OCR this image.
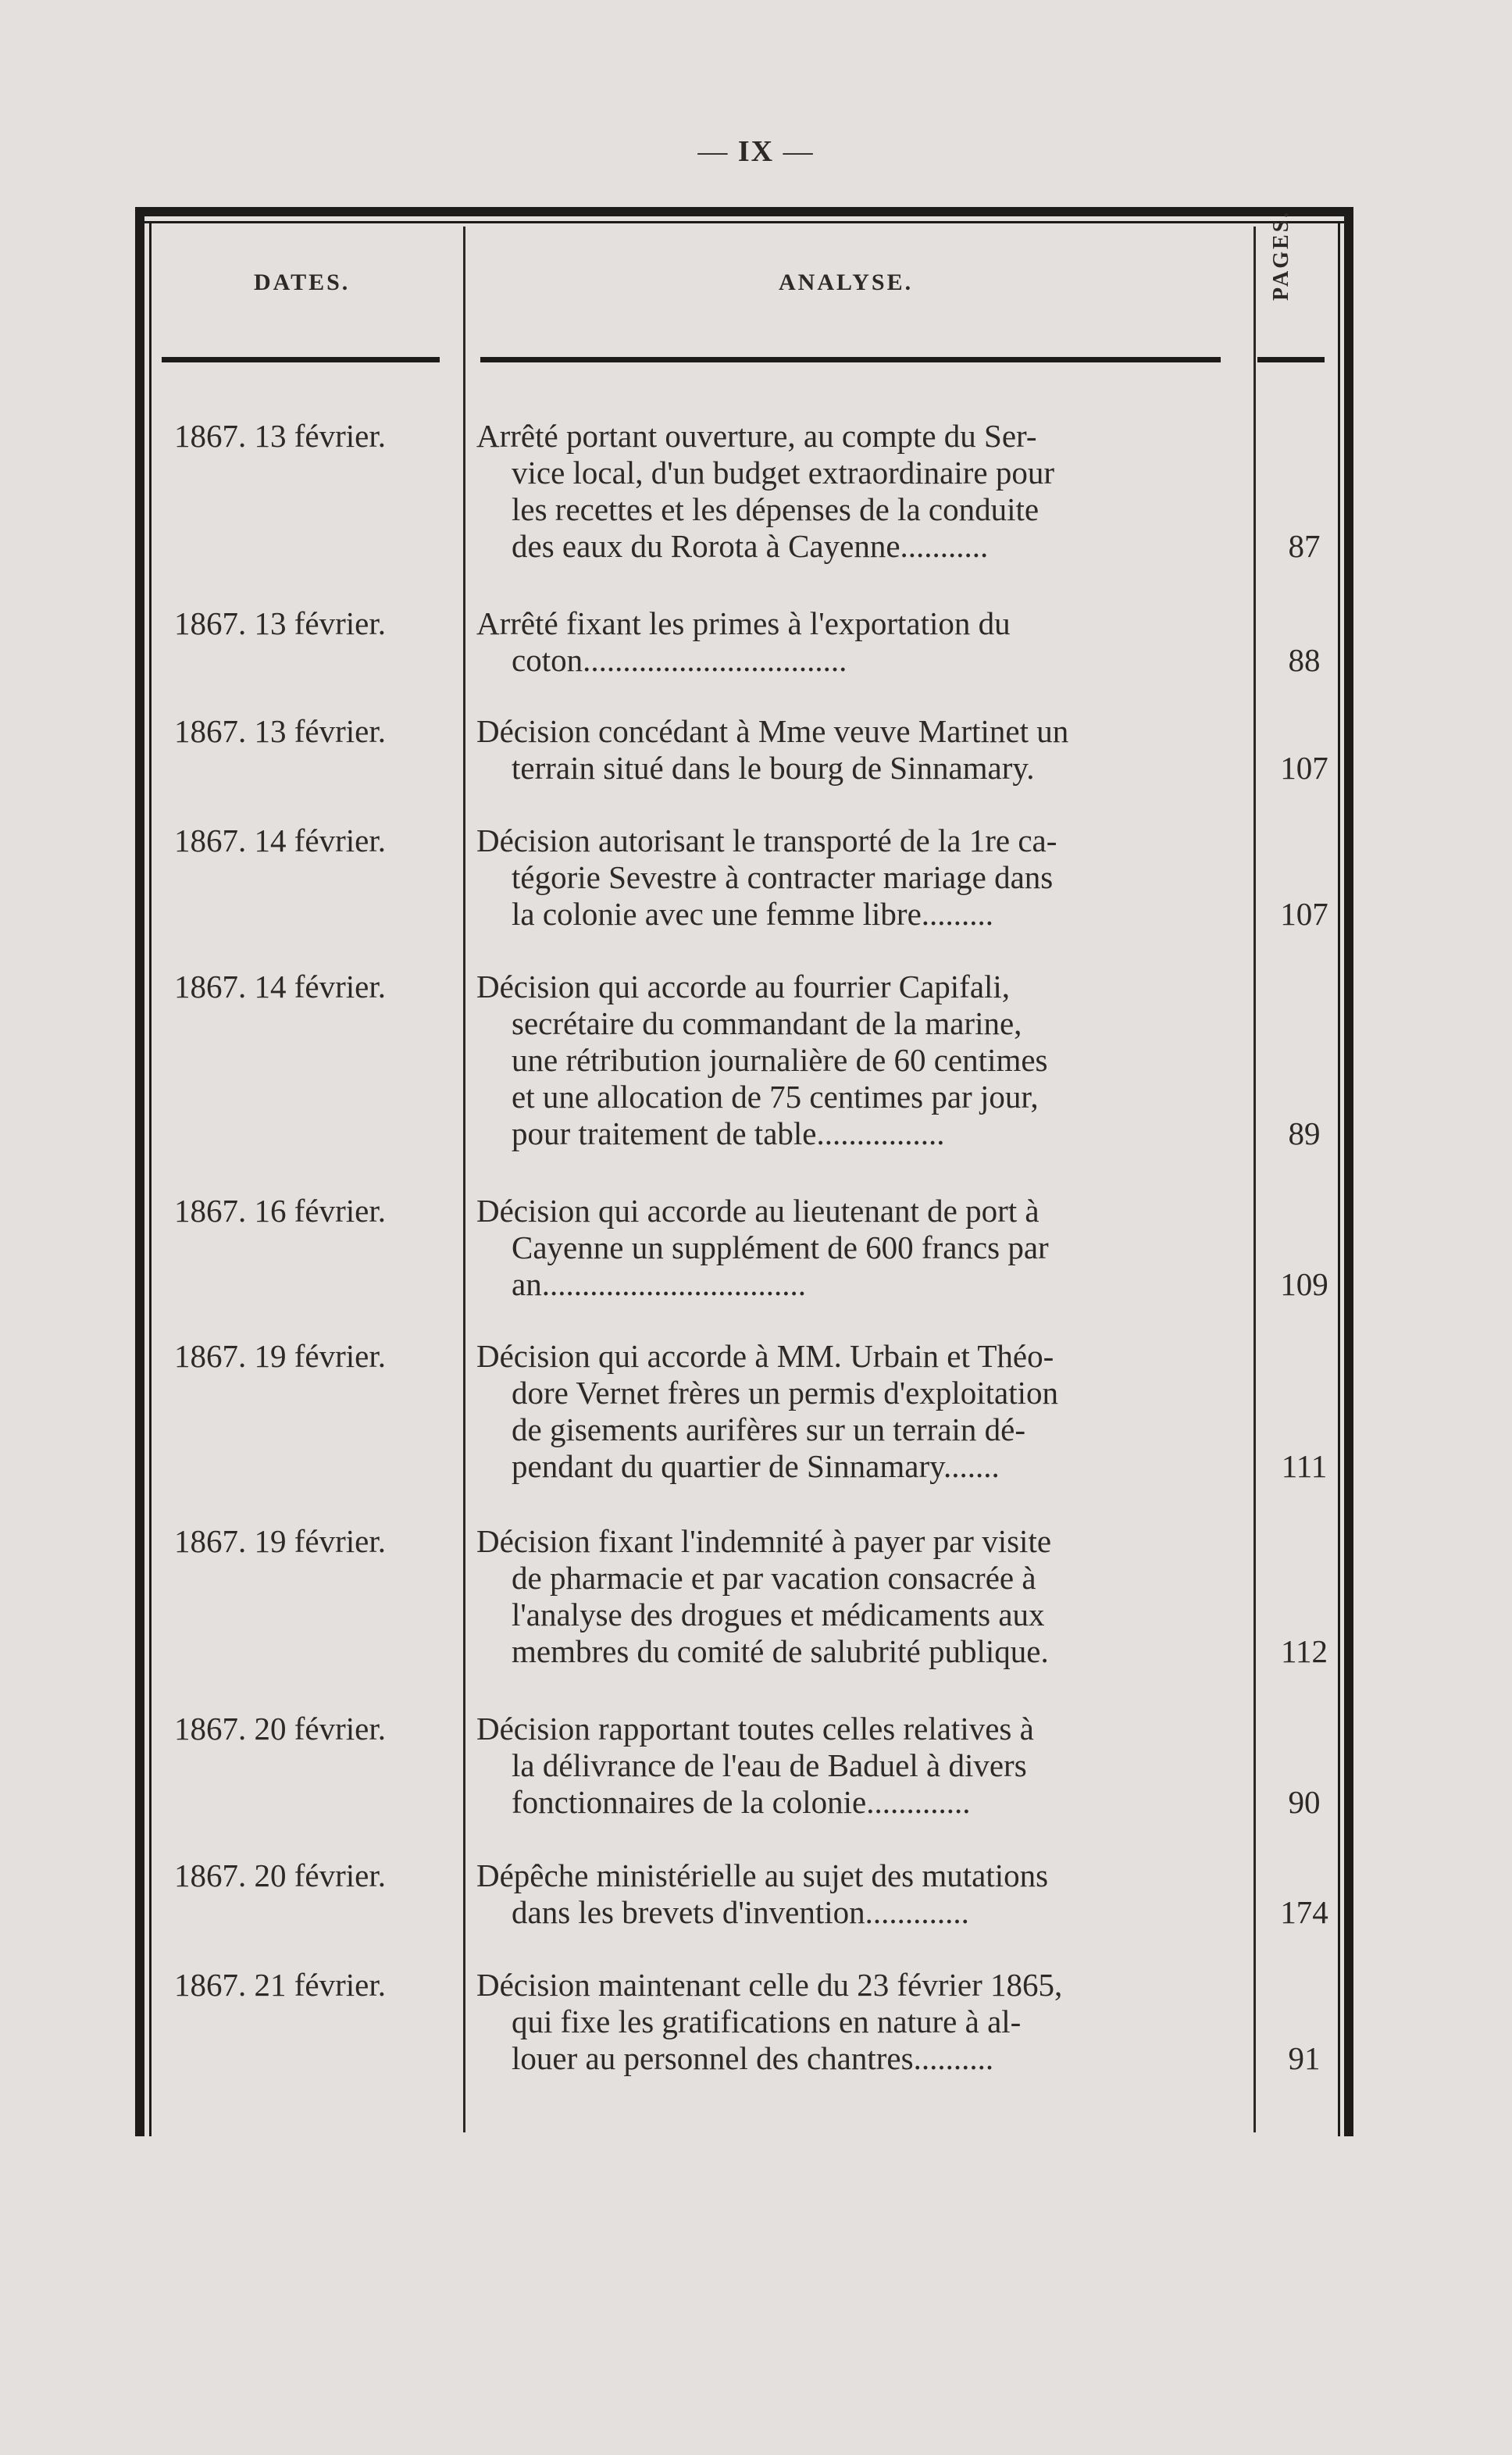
— IX —
DATES.	ANALYSE.	PAGES.
1867. 13 février.	Arrêté portant ouverture, au compte du Ser-
vice local, d'un budget extraordinaire pour
les recettes et les dépenses de la conduite
des eaux du Rorota à Cayenne...........	87
1867. 13 février.	Arrêté fixant les primes à l'exportation du
coton.................................	88
1867. 13 février.	Décision concédant à Mme veuve Martinet un
terrain situé dans le bourg de Sinnamary.	107
1867. 14 février.	Décision autorisant le transporté de la 1re ca-
tégorie Sevestre à contracter mariage dans
la colonie avec une femme libre.........	107
1867. 14 février.	Décision qui accorde au fourrier Capifali,
secrétaire du commandant de la marine,
une rétribution journalière de 60 centimes
et une allocation de 75 centimes par jour,
pour traitement de table................	89
1867. 16 février.	Décision qui accorde au lieutenant de port à
Cayenne un supplément de 600 francs par
an.................................	109
1867. 19 février.	Décision qui accorde à MM. Urbain et Théo-
dore Vernet frères un permis d'exploitation
de gisements aurifères sur un terrain dé-
pendant du quartier de Sinnamary.......	111
1867. 19 février.	Décision fixant l'indemnité à payer par visite
de pharmacie et par vacation consacrée à
l'analyse des drogues et médicaments aux
membres du comité de salubrité publique.	112
1867. 20 février.	Décision rapportant toutes celles relatives à
la délivrance de l'eau de Baduel à divers
fonctionnaires de la colonie.............	90
1867. 20 février.	Dépêche ministérielle au sujet des mutations
dans les brevets d'invention.............	174
1867. 21 février.	Décision maintenant celle du 23 février 1865,
qui fixe les gratifications en nature à al-
louer au personnel des chantres..........	91
